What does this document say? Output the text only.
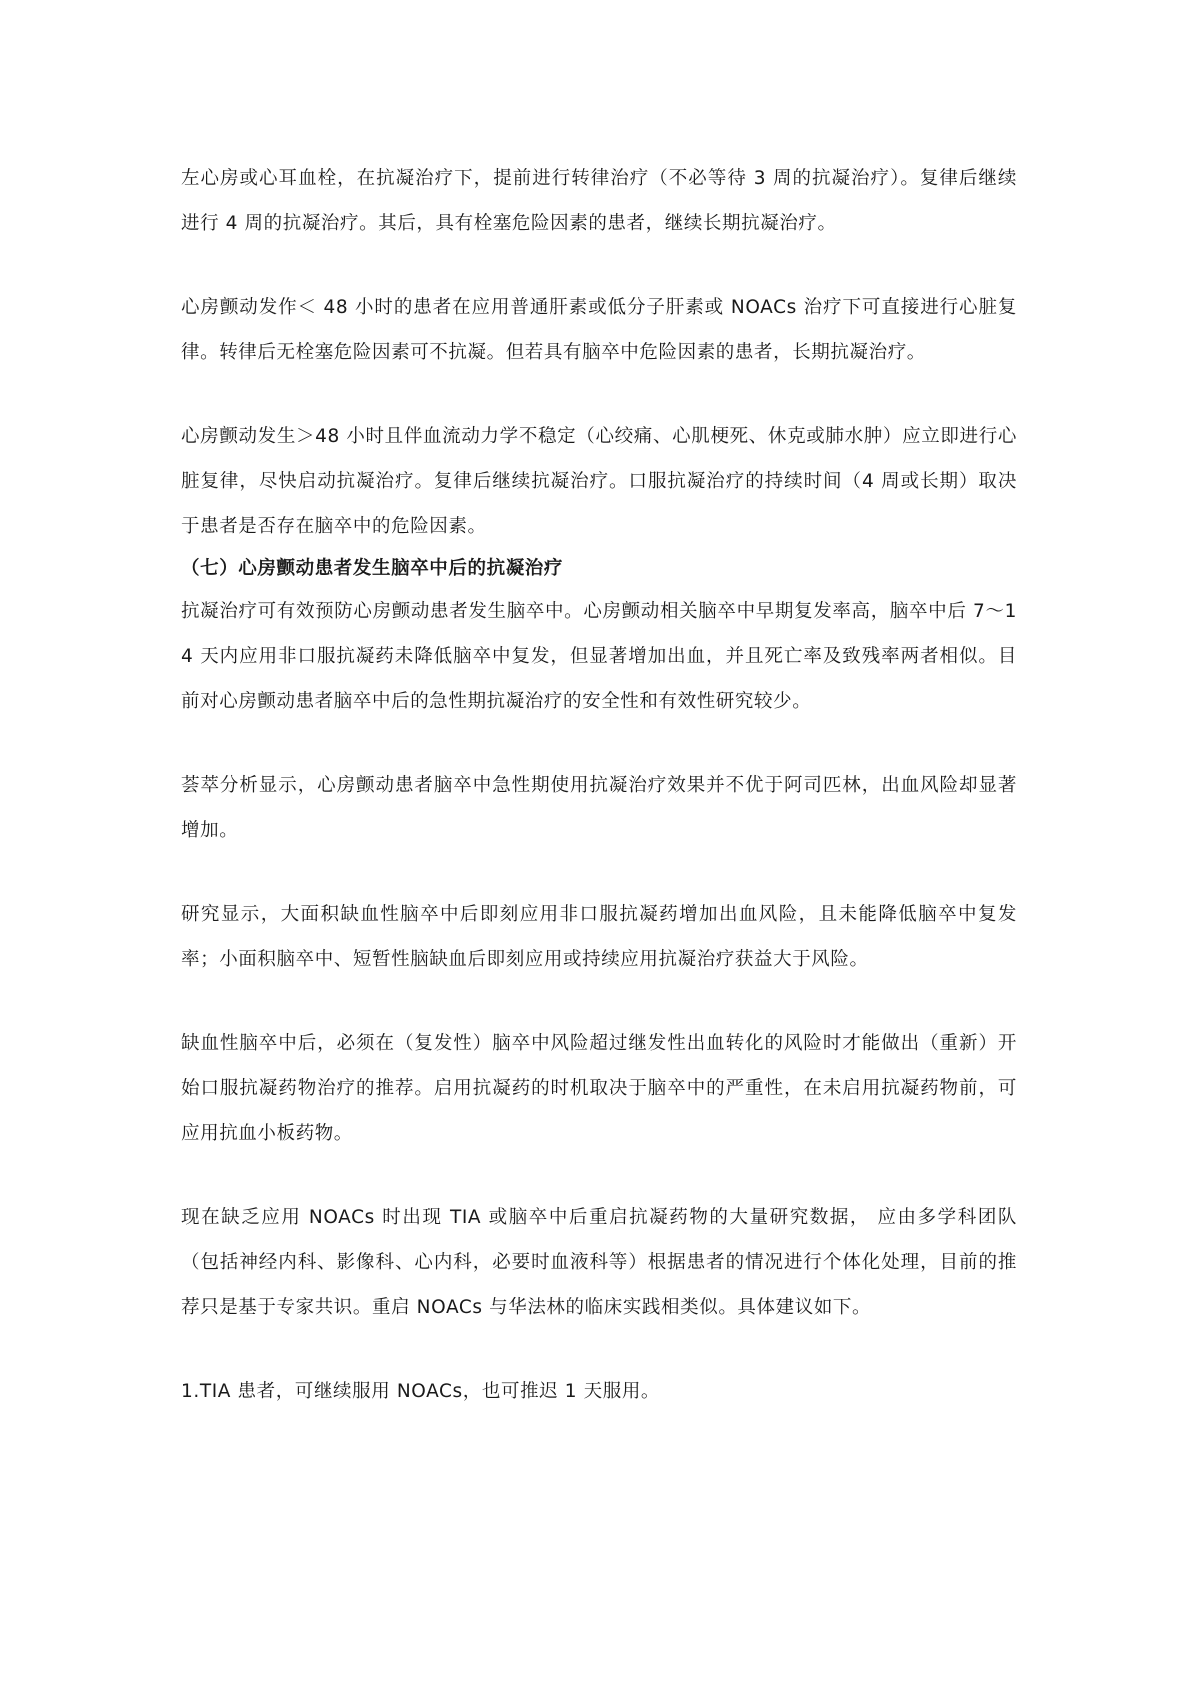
左心房或心耳血栓，在抗凝治疗下，提前进行转律治疗（不必等待 3 周的抗凝治疗）。复律后继续进行 4 周的抗凝治疗。其后，具有栓塞危险因素的患者，继续长期抗凝治疗。

心房颤动发作＜ 48 小时的患者在应用普通肝素或低分子肝素或 NOACs 治疗下可直接进行心脏复律。转律后无栓塞危险因素可不抗凝。但若具有脑卒中危险因素的患者，长期抗凝治疗。

心房颤动发生＞48 小时且伴血流动力学不稳定（心绞痛、心肌梗死、休克或肺水肿）应立即进行心脏复律，尽快启动抗凝治疗。复律后继续抗凝治疗。口服抗凝治疗的持续时间（4 周或长期）取决于患者是否存在脑卒中的危险因素。

（七）心房颤动患者发生脑卒中后的抗凝治疗

抗凝治疗可有效预防心房颤动患者发生脑卒中。心房颤动相关脑卒中早期复发率高，脑卒中后 7～14 天内应用非口服抗凝药未降低脑卒中复发，但显著增加出血，并且死亡率及致残率两者相似。目前对心房颤动患者脑卒中后的急性期抗凝治疗的安全性和有效性研究较少。

荟萃分析显示，心房颤动患者脑卒中急性期使用抗凝治疗效果并不优于阿司匹林，出血风险却显著增加。

研究显示，大面积缺血性脑卒中后即刻应用非口服抗凝药增加出血风险，且未能降低脑卒中复发率；小面积脑卒中、短暂性脑缺血后即刻应用或持续应用抗凝治疗获益大于风险。

缺血性脑卒中后，必须在（复发性）脑卒中风险超过继发性出血转化的风险时才能做出（重新）开始口服抗凝药物治疗的推荐。启用抗凝药的时机取决于脑卒中的严重性，在未启用抗凝药物前，可应用抗血小板药物。

现在缺乏应用 NOACs 时出现 TIA 或脑卒中后重启抗凝药物的大量研究数据， 应由多学科团队（包括神经内科、影像科、心内科，必要时血液科等）根据患者的情况进行个体化处理，目前的推荐只是基于专家共识。重启 NOACs 与华法林的临床实践相类似。具体建议如下。

1.TIA 患者，可继续服用 NOACs，也可推迟 1 天服用。
